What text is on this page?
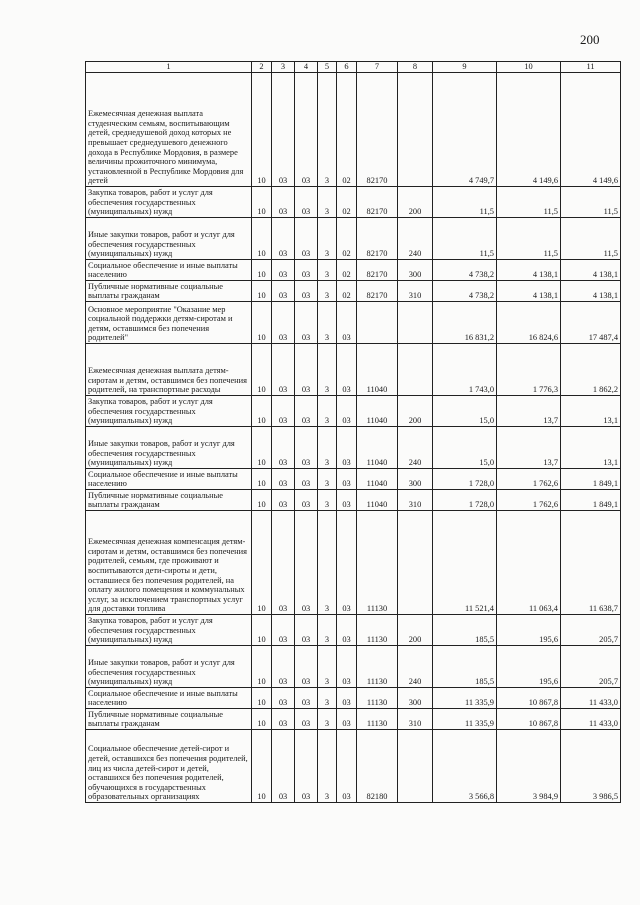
200
1	2	3	4	5	6	7	8	9	10	11
Ежемесячная денежная выплата студенческим семьям, воспитывающим детей, среднедушевой доход которых не превышает среднедушевого денежного дохода в Республике Мордовия, в размере величины прожиточного минимума, установленной в Республике Мордовия для детей	10	03	03	3	02	82170		4 749,7	4 149,6	4 149,6
Закупка товаров, работ и услуг для обеспечения государственных (муниципальных) нужд	10	03	03	3	02	82170	200	11,5	11,5	11,5
Иные закупки товаров, работ и услуг для обеспечения государственных (муниципальных) нужд	10	03	03	3	02	82170	240	11,5	11,5	11,5
Социальное обеспечение и иные выплаты населению	10	03	03	3	02	82170	300	4 738,2	4 138,1	4 138,1
Публичные нормативные социальные выплаты гражданам	10	03	03	3	02	82170	310	4 738,2	4 138,1	4 138,1
Основное мероприятие "Оказание мер социальной поддержки детям-сиротам и детям, оставшимся без попечения родителей"	10	03	03	3	03			16 831,2	16 824,6	17 487,4
Ежемесячная денежная выплата детям-сиротам и детям, оставшимся без попечения родителей, на транспортные расходы	10	03	03	3	03	11040		1 743,0	1 776,3	1 862,2
Закупка товаров, работ и услуг для обеспечения государственных (муниципальных) нужд	10	03	03	3	03	11040	200	15,0	13,7	13,1
Иные закупки товаров, работ и услуг для обеспечения государственных (муниципальных) нужд	10	03	03	3	03	11040	240	15,0	13,7	13,1
Социальное обеспечение и иные выплаты населению	10	03	03	3	03	11040	300	1 728,0	1 762,6	1 849,1
Публичные нормативные социальные выплаты гражданам	10	03	03	3	03	11040	310	1 728,0	1 762,6	1 849,1
Ежемесячная денежная компенсация детям-сиротам и детям, оставшимся без попечения родителей, семьям, где проживают и воспитываются дети-сироты и дети, оставшиеся без попечения родителей, на оплату жилого помещения и коммунальных услуг, за исключением транспортных услуг для доставки топлива	10	03	03	3	03	11130		11 521,4	11 063,4	11 638,7
Закупка товаров, работ и услуг для обеспечения государственных (муниципальных) нужд	10	03	03	3	03	11130	200	185,5	195,6	205,7
Иные закупки товаров, работ и услуг для обеспечения государственных (муниципальных) нужд	10	03	03	3	03	11130	240	185,5	195,6	205,7
Социальное обеспечение и иные выплаты населению	10	03	03	3	03	11130	300	11 335,9	10 867,8	11 433,0
Публичные нормативные социальные выплаты гражданам	10	03	03	3	03	11130	310	11 335,9	10 867,8	11 433,0
Социальное обеспечение детей-сирот и детей, оставшихся без попечения родителей, лиц из числа детей-сирот и детей, оставшихся без попечения родителей, обучающихся в государственных образовательных организациях	10	03	03	3	03	82180		3 566,8	3 984,9	3 986,5
